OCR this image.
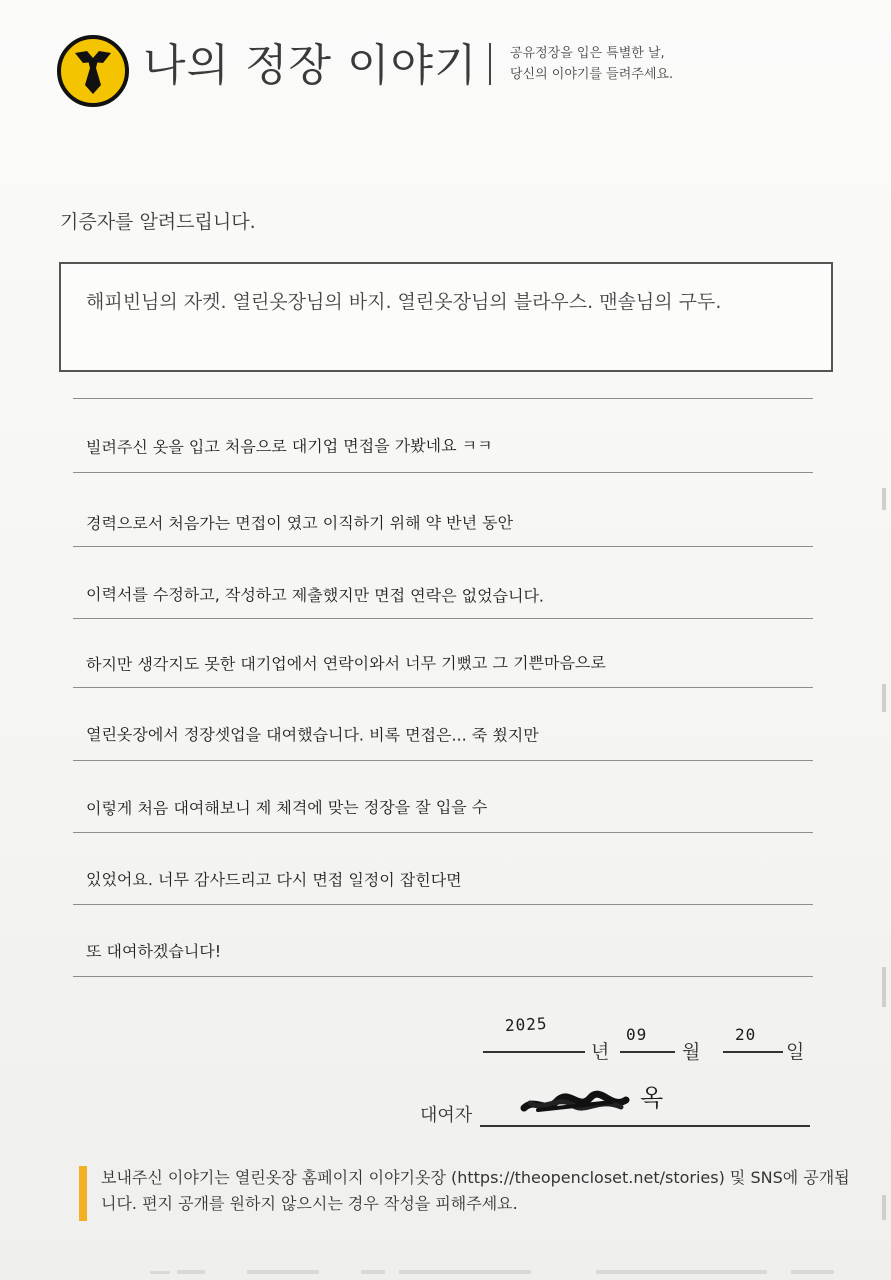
나의 정장 이야기	공유정장을 입은 특별한 날,
당신의 이야기를 들려주세요.
기증자를 알려드립니다.
해피빈님의 자켓. 열린옷장님의 바지. 열린옷장님의 블라우스. 맨솔님의 구두.
빌려주신 옷을 입고 처음으로 대기업 면접을 가봤네요 ㅋㅋ
경력으로서 처음가는 면접이 였고 이직하기 위해 약 반년 동안
이력서를 수정하고, 작성하고 제출했지만 면접 연락은 없었습니다.
하지만 생각지도 못한 대기업에서 연락이와서 너무 기뻤고 그 기쁜마음으로
열린옷장에서 정장셋업을 대여했습니다. 비록 면접은... 죽 쑀지만
이렇게 처음 대여해보니 제 체격에 맞는 정장을 잘 입을 수
있었어요. 너무 감사드리고 다시 면접 일정이 잡힌다면
또 대여하겠습니다!
2025
년
09
월
20
일
대여자
옥
보내주신 이야기는 열린옷장 홈페이지 이야기옷장 (https://theopencloset.net/stories) 및 SNS에 공개됩니다. 편지 공개를 원하지 않으시는 경우 작성을 피해주세요.
